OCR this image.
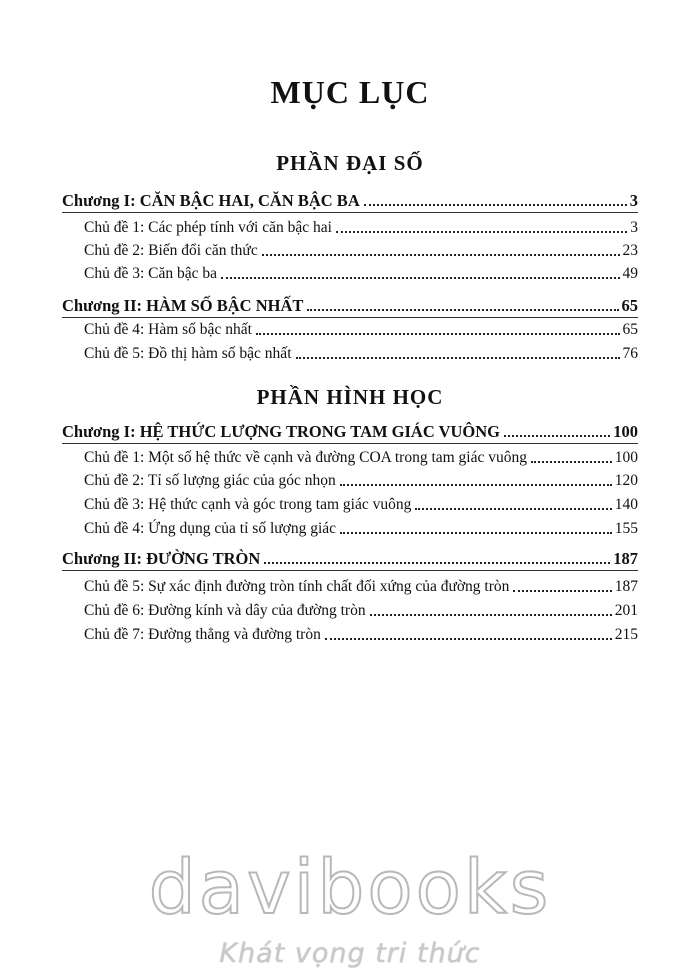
MỤC LỤC
PHẦN ĐẠI SỐ
Chương I: CĂN BẬC HAI, CĂN BẬC BA	3
Chủ đề 1: Các phép tính với căn bậc hai	3
Chủ đề 2: Biến đổi căn thức	23
Chủ đề 3: Căn bậc ba	49
Chương II: HÀM SỐ BẬC NHẤT	65
Chủ đề 4: Hàm số bậc nhất	65
Chủ đề 5: Đồ thị hàm số bậc nhất	76
PHẦN HÌNH HỌC
Chương I: HỆ THỨC LƯỢNG TRONG TAM GIÁC VUÔNG	100
Chủ đề 1: Một số hệ thức về cạnh và đường COA trong tam giác vuông	100
Chủ đề 2: Tỉ số lượng giác của góc nhọn	120
Chủ đề 3: Hệ thức cạnh và góc trong tam giác vuông	140
Chủ đề 4: Ứng dụng của tỉ số lượng giác	155
Chương II: ĐƯỜNG TRÒN	187
Chủ đề 5: Sự xác định đường tròn tính chất đối xứng của đường tròn	187
Chủ đề 6: Đường kính và dây của đường tròn	201
Chủ đề 7: Đường thẳng và đường tròn	215
davibooks
Khát vọng tri thức
